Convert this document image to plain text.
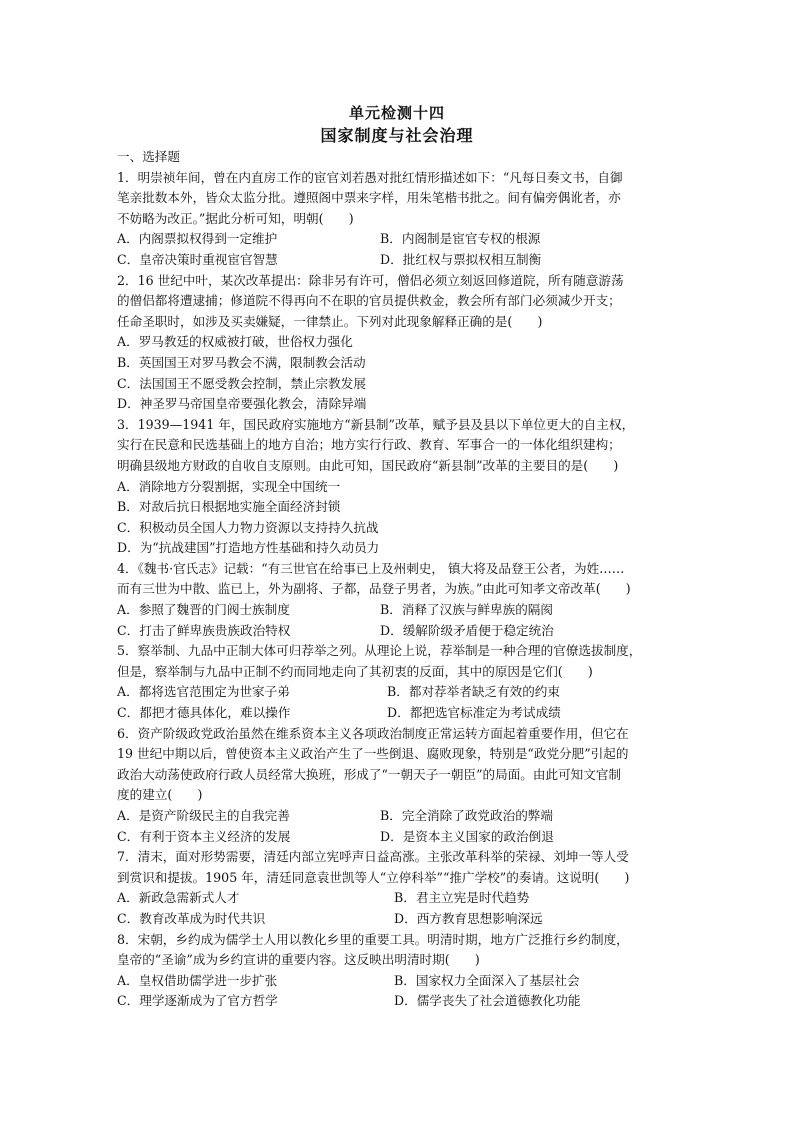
单元检测十四
国家制度与社会治理
一、选择题
1．明崇祯年间，曾在内直房工作的宦官刘若愚对批红情形描述如下：“凡每日奏文书，自御
笔亲批数本外，皆众太监分批。遵照阁中票来字样，用朱笔楷书批之。间有偏旁偶讹者，亦
不妨略为改正。”据此分析可知，明朝(　　)
A．内阁票拟权得到一定维护	B．内阁制是宦官专权的根源
C．皇帝决策时重视宦官智慧	D．批红权与票拟权相互制衡
2．16 世纪中叶，某次改革提出：除非另有许可，僧侣必须立刻返回修道院，所有随意游荡
的僧侣都将遭逮捕；修道院不得再向不在职的官员提供救金，教会所有部门必须减少开支；
任命圣职时，如涉及买卖嫌疑，一律禁止。下列对此现象解释正确的是(　　)
A．罗马教廷的权威被打破，世俗权力强化
B．英国国王对罗马教会不满，限制教会活动
C．法国国王不愿受教会控制，禁止宗教发展
D．神圣罗马帝国皇帝要强化教会，清除异端
3．1939—1941 年，国民政府实施地方“新县制”改革，赋予县及县以下单位更大的自主权，
实行在民意和民选基础上的地方自治；地方实行行政、教育、军事合一的一体化组织建构；
明确县级地方财政的自收自支原则。由此可知，国民政府“新县制”改革的主要目的是(　　)
A．消除地方分裂割据，实现全中国统一
B．对敌后抗日根据地实施全面经济封锁
C．积极动员全国人力物力资源以支持持久抗战
D．为“抗战建国”打造地方性基础和持久动员力
4．《魏书·官氏志》记载：“有三世官在给事已上及州刺史， 镇大将及品登王公者，为姓……
而有三世为中散、监已上，外为副将、子都，品登子男者，为族。”由此可知孝文帝改革(　　)
A．参照了魏晋的门阀士族制度	B．消释了汉族与鲜卑族的隔阂
C．打击了鲜卑族贵族政治特权	D．缓解阶级矛盾便于稳定统治
5．察举制、九品中正制大体可归荐举之列。从理论上说，荐举制是一种合理的官僚选拔制度，
但是，察举制与九品中正制不约而同地走向了其初衷的反面，其中的原因是它们(　　)
A．都将选官范围定为世家子弟	B．都对荐举者缺乏有效的约束
C．都把才德具体化，难以操作	D．都把选官标准定为考试成绩
6．资产阶级政党政治虽然在维系资本主义各项政治制度正常运转方面起着重要作用，但它在
19 世纪中期以后，曾使资本主义政治产生了一些倒退、腐败现象，特别是“政党分肥”引起的
政治大动荡使政府行政人员经常大换班，形成了“一朝天子一朝臣”的局面。由此可知文官制
度的建立(　　)
A．是资产阶级民主的自我完善	B．完全消除了政党政治的弊端
C．有利于资本主义经济的发展	D．是资本主义国家的政治倒退
7．清末，面对形势需要，清廷内部立宪呼声日益高涨。主张改革科举的荣禄、刘坤一等人受
到赏识和提拔。1905 年，清廷同意袁世凯等人“立停科举”“推广学校”的奏请。这说明(　　)
A．新政急需新式人才	B．君主立宪是时代趋势
C．教育改革成为时代共识	D．西方教育思想影响深远
8．宋朝，乡约成为儒学士人用以教化乡里的重要工具。明清时期，地方广泛推行乡约制度，
皇帝的“圣谕”成为乡约宣讲的重要内容。这反映出明清时期(　　)
A．皇权借助儒学进一步扩张	B．国家权力全面深入了基层社会
C．理学逐渐成为了官方哲学	D．儒学丧失了社会道德教化功能
